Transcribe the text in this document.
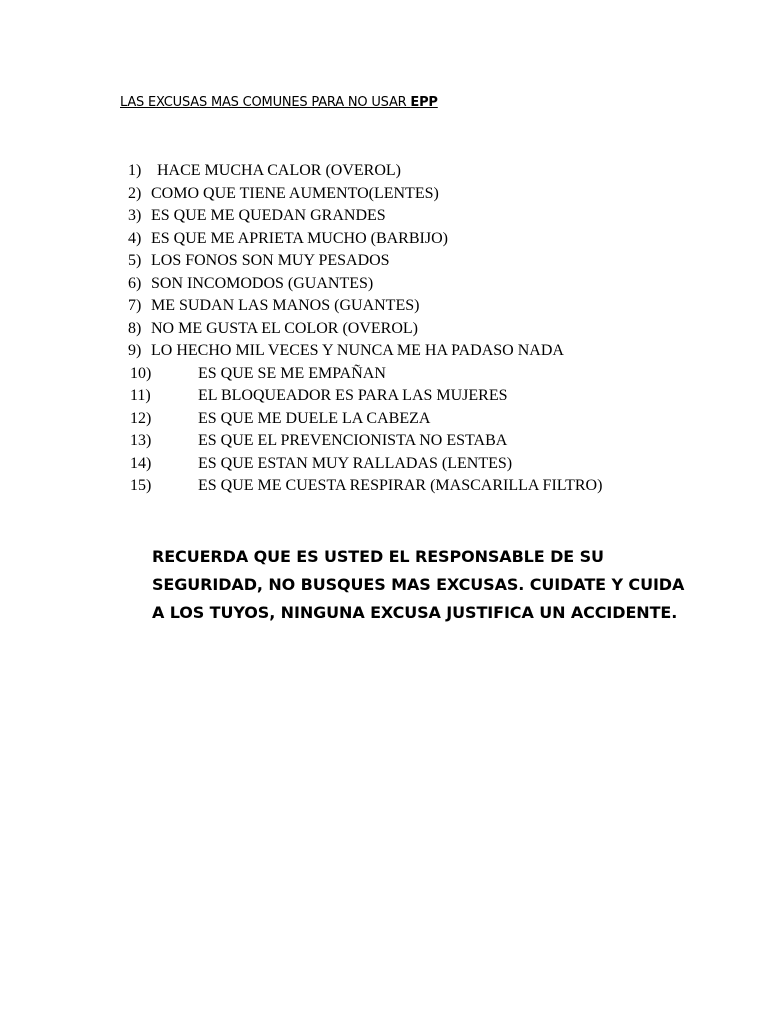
LAS EXCUSAS MAS COMUNES PARA NO USAR EPP
1) HACE MUCHA CALOR (OVEROL)
2) COMO QUE TIENE AUMENTO(LENTES)
3) ES QUE ME QUEDAN GRANDES
4) ES QUE ME APRIETA MUCHO (BARBIJO)
5) LOS FONOS SON MUY PESADOS
6) SON INCOMODOS (GUANTES)
7) ME SUDAN LAS MANOS (GUANTES)
8) NO ME GUSTA EL COLOR (OVEROL)
9) LO HECHO MIL VECES Y NUNCA ME HA PADASO NADA
10)	ES QUE SE ME EMPAÑAN
11)	EL BLOQUEADOR ES PARA LAS MUJERES
12)	ES QUE ME DUELE LA CABEZA
13)	ES QUE EL PREVENCIONISTA NO ESTABA
14)	ES QUE ESTAN MUY RALLADAS (LENTES)
15)	ES QUE ME CUESTA RESPIRAR (MASCARILLA FILTRO)
RECUERDA QUE ES USTED EL RESPONSABLE DE SU
SEGURIDAD, NO BUSQUES MAS EXCUSAS. CUIDATE Y CUIDA
A LOS TUYOS, NINGUNA EXCUSA JUSTIFICA UN ACCIDENTE.
